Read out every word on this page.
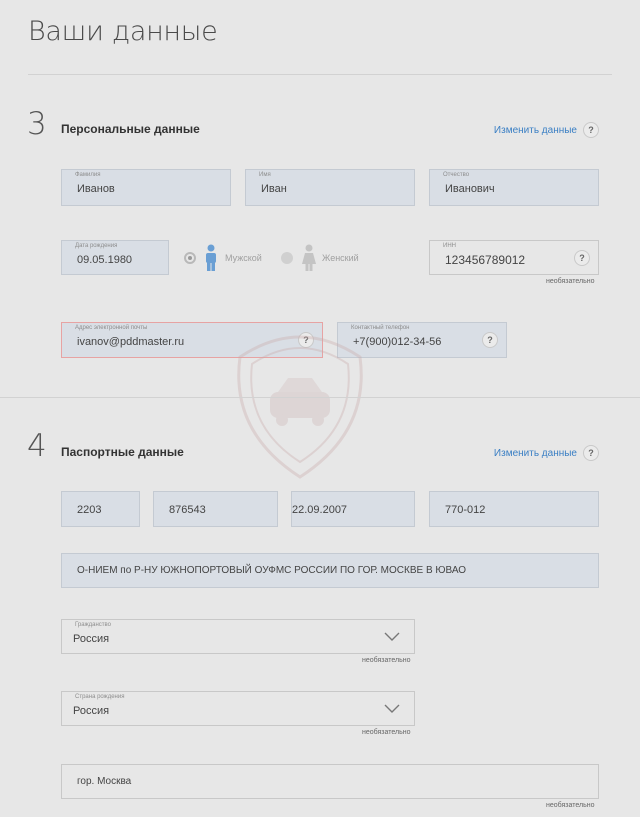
Ваши данные
3 Персональные данные	Изменить данные	?
Фамилия
Иванов
Имя
Иван
Отчество
Иванович
Дата рождения
09.05.1980	Мужской	Женский
ИНН
123456789012	?
необязательно
Адрес электронной почты
ivanov@pddmaster.ru	?
Контактный телефон
+7(900)012-34-56	?
4 Паспортные данные	Изменить данные	?
2203	876543	22.09.2007	770-012
О-НИЕМ по Р-НУ ЮЖНОПОРТОВЫЙ ОУФМС РОССИИ ПО ГОР. МОСКВЕ В ЮВАО
Гражданство
Россия
необязательно
Страна рождения
Россия
необязательно
гор. Москва
необязательно
